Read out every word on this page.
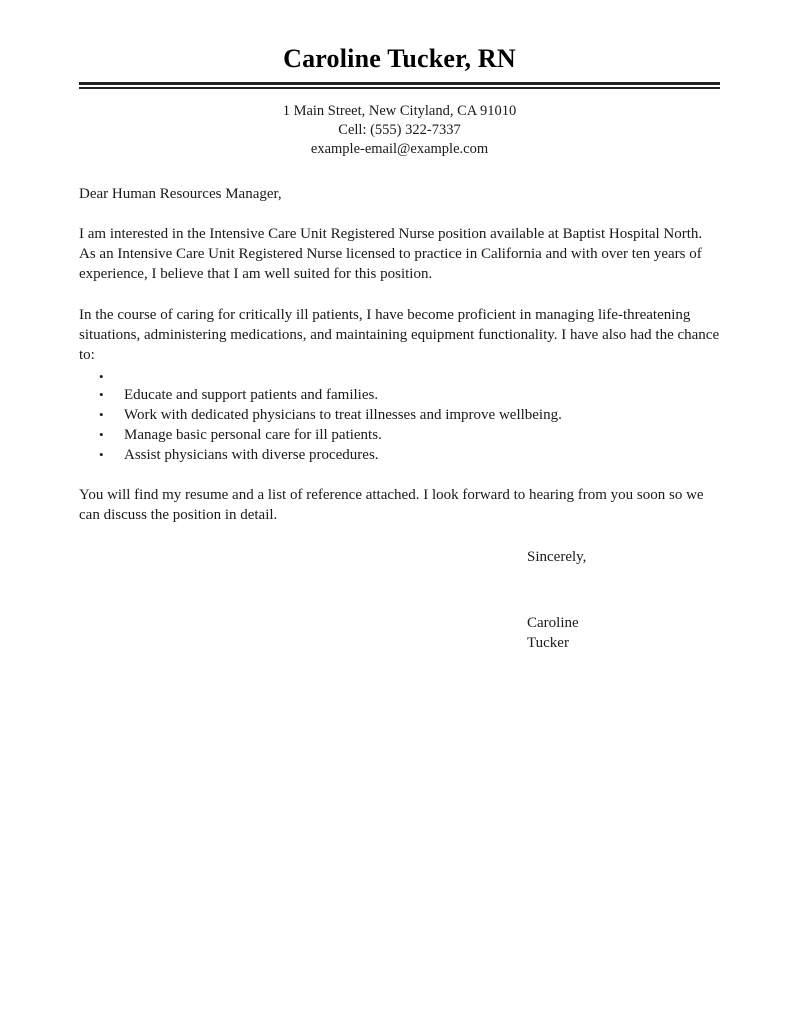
Caroline Tucker, RN
1 Main Street, New Cityland, CA 91010
Cell: (555) 322-7337
example-email@example.com

Dear Human Resources Manager,

I am interested in the Intensive Care Unit Registered Nurse position available at Baptist Hospital North. As an Intensive Care Unit Registered Nurse licensed to practice in California and with over ten years of experience, I believe that I am well suited for this position.

In the course of caring for critically ill patients, I have become proficient in managing life-threatening situations, administering medications, and maintaining equipment functionality. I have also had the chance to:

•
• Educate and support patients and families.
• Work with dedicated physicians to treat illnesses and improve wellbeing.
• Manage basic personal care for ill patients.
• Assist physicians with diverse procedures.

You will find my resume and a list of reference attached. I look forward to hearing from you soon so we can discuss the position in detail.

Sincerely,

Caroline
Tucker
